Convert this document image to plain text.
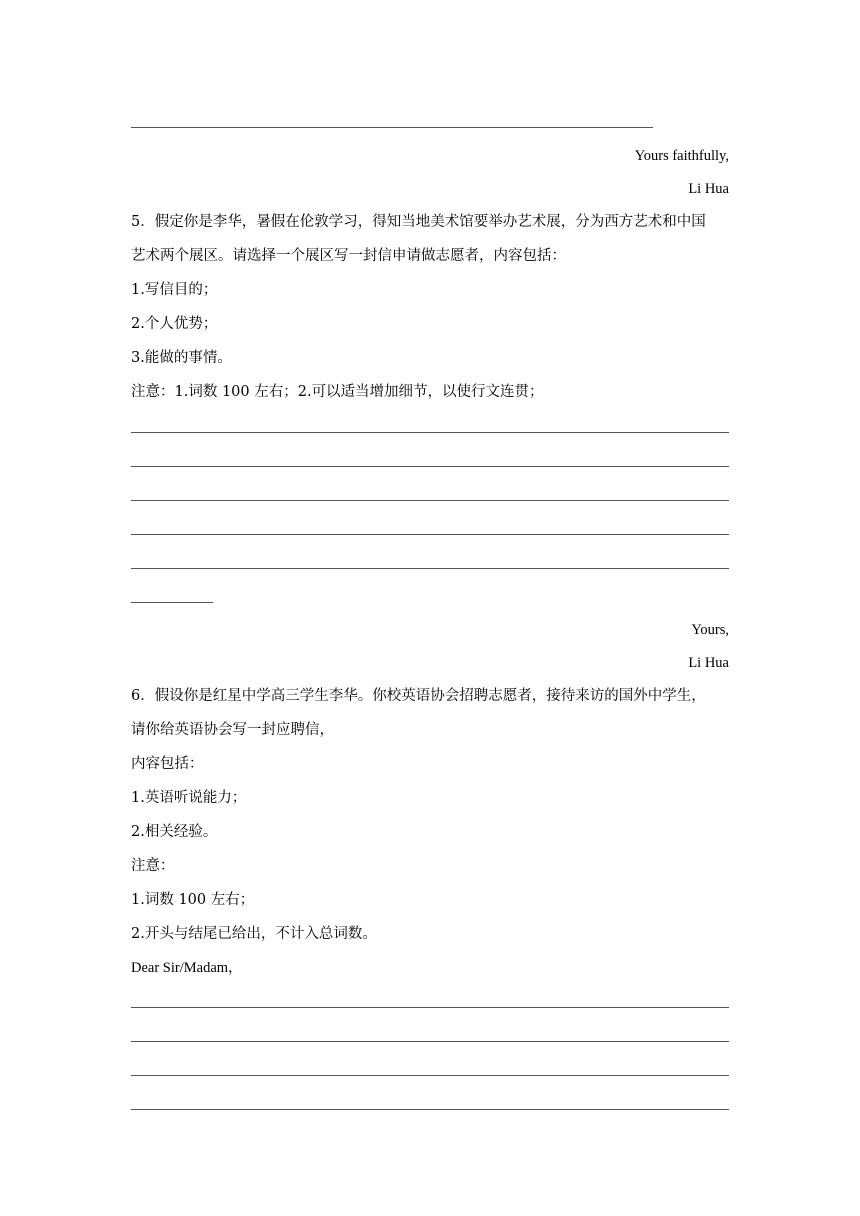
Yours faithfully,
Li Hua
5．假定你是李华，暑假在伦敦学习，得知当地美术馆要举办艺术展，分为西方艺术和中国
艺术两个展区。请选择一个展区写一封信申请做志愿者，内容包括：
1.写信目的；
2.个人优势；
3.能做的事情。
注意：1.词数 100 左右；2.可以适当增加细节，以使行文连贯；
Yours,
Li Hua
6．假设你是红星中学高三学生李华。你校英语协会招聘志愿者，接待来访的国外中学生，
请你给英语协会写一封应聘信，
内容包括：
1.英语听说能力；
2.相关经验。
注意：
1.词数 100 左右；
2.开头与结尾已给出，不计入总词数。
Dear Sir/Madam，
